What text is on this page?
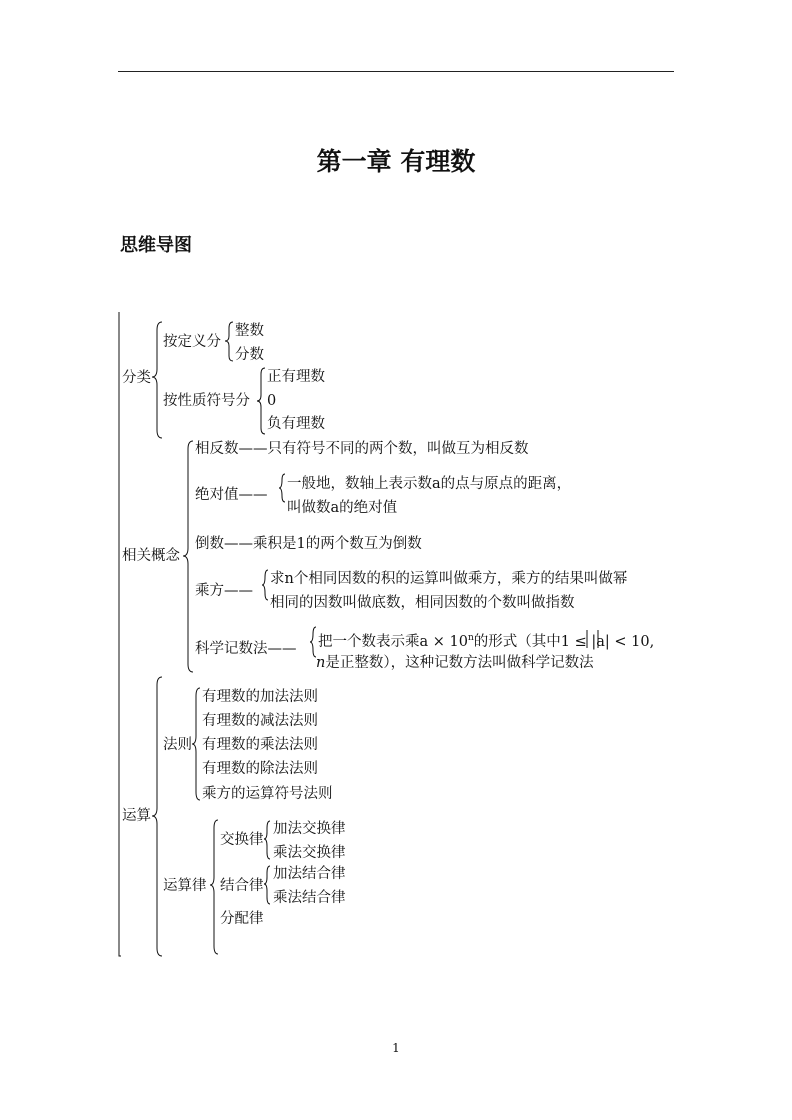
第一章 有理数
思维导图
分类
按定义分
整数
分数
按性质符号分
正有理数
0
负有理数
相关概念
相反数——只有符号不同的两个数，叫做互为相反数
绝对值——
一般地，数轴上表示数a的点与原点的距离，
叫做数a的绝对值
倒数——乘积是1的两个数互为倒数
乘方——
求n个相同因数的积的运算叫做乘方，乘方的结果叫做幂
相同的因数叫做底数，相同因数的个数叫做指数
科学记数法—— 把一个数表示乘$a \times 10^n$的形式（其中1 ≤ |a| < 10,
n是正整数），这种记数方法叫做科学记数法
运算
法则
有理数的加法法则
有理数的减法法则
有理数的乘法法则
有理数的除法法则
乘方的运算符号法则
运算律
交换律
加法交换律
乘法交换律
结合律
加法结合律
乘法结合律
分配律
1
